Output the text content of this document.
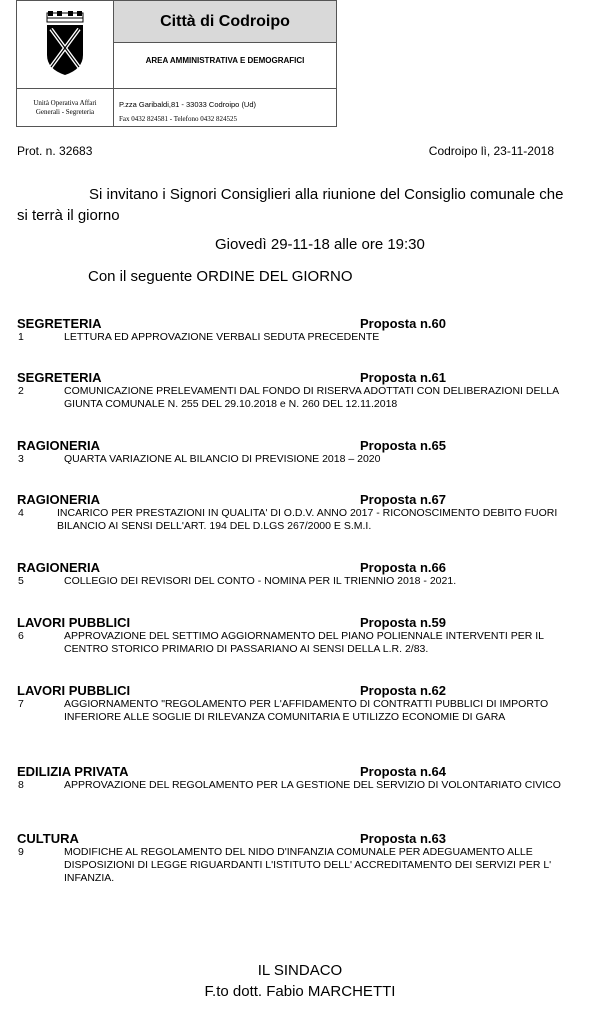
Città di Codroipo
AREA AMMINISTRATIVA E DEMOGRAFICI
Unità Operativa Affari
Generali - Segreteria
P.zza Garibaldi,81 - 33033 Codroipo (Ud)
Fax 0432 824581 - Telefono 0432 824525
Prot. n. 32683	Codroipo lì, 23-11-2018
Si invitano i Signori Consiglieri alla riunione del Consiglio comunale che si terrà il giorno
Giovedì 29-11-18 alle ore 19:30
Con il seguente ORDINE DEL GIORNO
SEGRETERIA	Proposta n.60
1	LETTURA ED APPROVAZIONE VERBALI SEDUTA PRECEDENTE
SEGRETERIA	Proposta n.61
2	COMUNICAZIONE PRELEVAMENTI DAL FONDO DI RISERVA ADOTTATI CON DELIBERAZIONI DELLA GIUNTA COMUNALE N. 255 DEL 29.10.2018 e N. 260 DEL 12.11.2018
RAGIONERIA	Proposta n.65
3	QUARTA VARIAZIONE AL BILANCIO DI PREVISIONE 2018 – 2020
RAGIONERIA	Proposta n.67
4	INCARICO PER PRESTAZIONI IN QUALITA' DI O.D.V. ANNO 2017 - RICONOSCIMENTO DEBITO FUORI BILANCIO AI SENSI DELL'ART. 194 DEL D.LGS 267/2000 E S.M.I.
RAGIONERIA	Proposta n.66
5	COLLEGIO DEI REVISORI DEL CONTO - NOMINA PER IL TRIENNIO 2018 - 2021.
LAVORI PUBBLICI	Proposta n.59
6	APPROVAZIONE DEL SETTIMO AGGIORNAMENTO DEL PIANO POLIENNALE INTERVENTI PER IL CENTRO STORICO PRIMARIO DI PASSARIANO AI SENSI DELLA L.R. 2/83.
LAVORI PUBBLICI	Proposta n.62
7	AGGIORNAMENTO "REGOLAMENTO PER L'AFFIDAMENTO DI CONTRATTI PUBBLICI DI IMPORTO INFERIORE ALLE SOGLIE DI RILEVANZA COMUNITARIA E UTILIZZO ECONOMIE DI GARA
EDILIZIA PRIVATA	Proposta n.64
8	APPROVAZIONE DEL REGOLAMENTO PER LA GESTIONE DEL SERVIZIO DI VOLONTARIATO CIVICO
CULTURA	Proposta n.63
9	MODIFICHE AL REGOLAMENTO DEL NIDO D'INFANZIA COMUNALE PER ADEGUAMENTO ALLE DISPOSIZIONI DI LEGGE RIGUARDANTI L'ISTITUTO DELL' ACCREDITAMENTO DEI SERVIZI PER L' INFANZIA.
IL SINDACO
F.to dott. Fabio MARCHETTI
